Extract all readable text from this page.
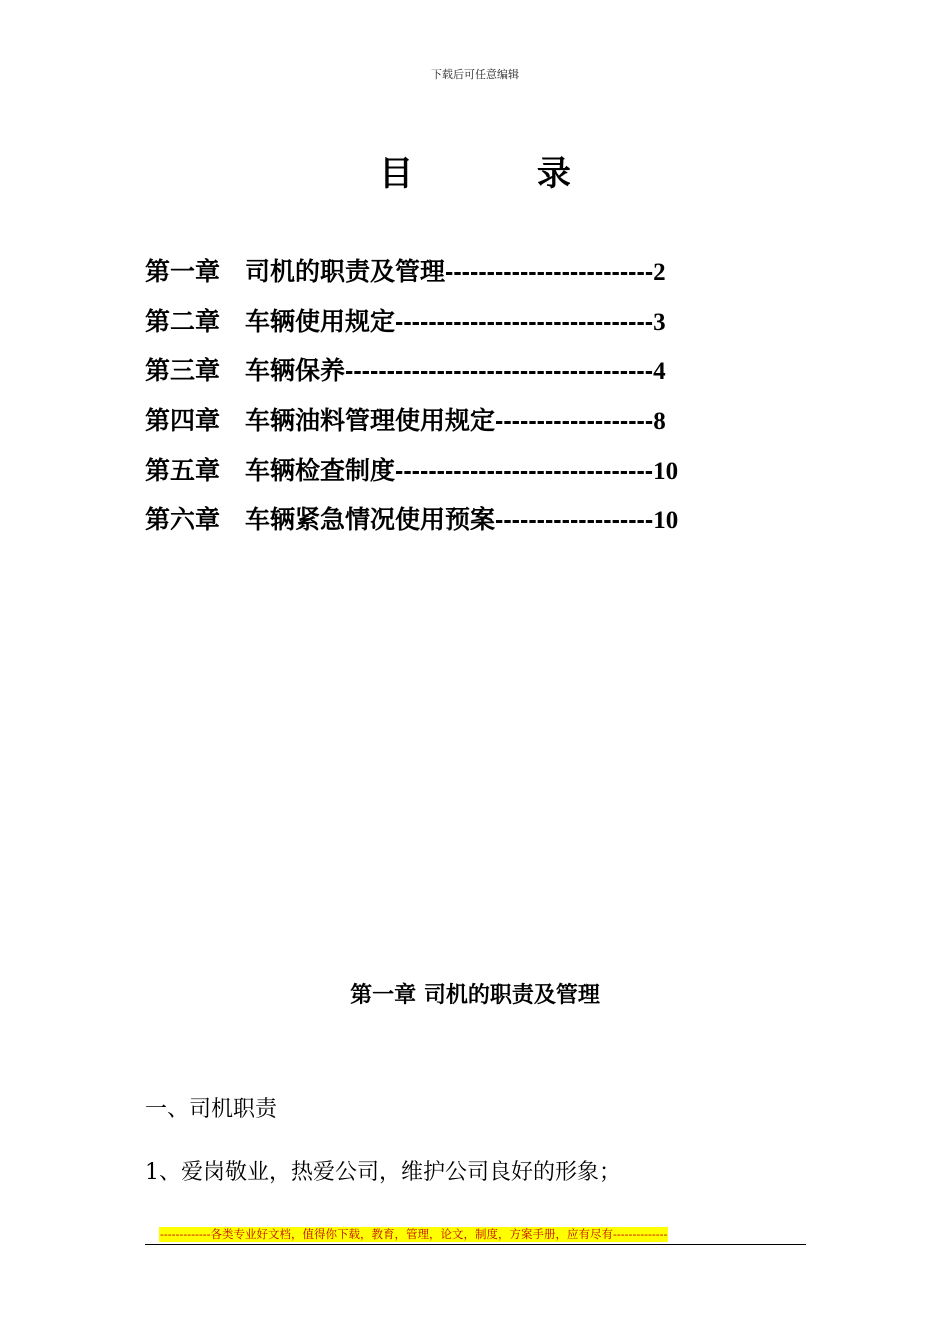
下载后可任意编辑
目 录
第一章 司机的职责及管理-------------------------2
第二章 车辆使用规定-------------------------------3
第三章 车辆保养-------------------------------------4
第四章 车辆油料管理使用规定-------------------8
第五章 车辆检查制度-------------------------------10
第六章 车辆紧急情况使用预案-------------------10
第一章 司机的职责及管理
一、司机职责
1、爱岗敬业，热爱公司，维护公司良好的形象；
-------------各类专业好文档，值得你下载，教育，管理，论文，制度，方案手册，应有尽有--------------
